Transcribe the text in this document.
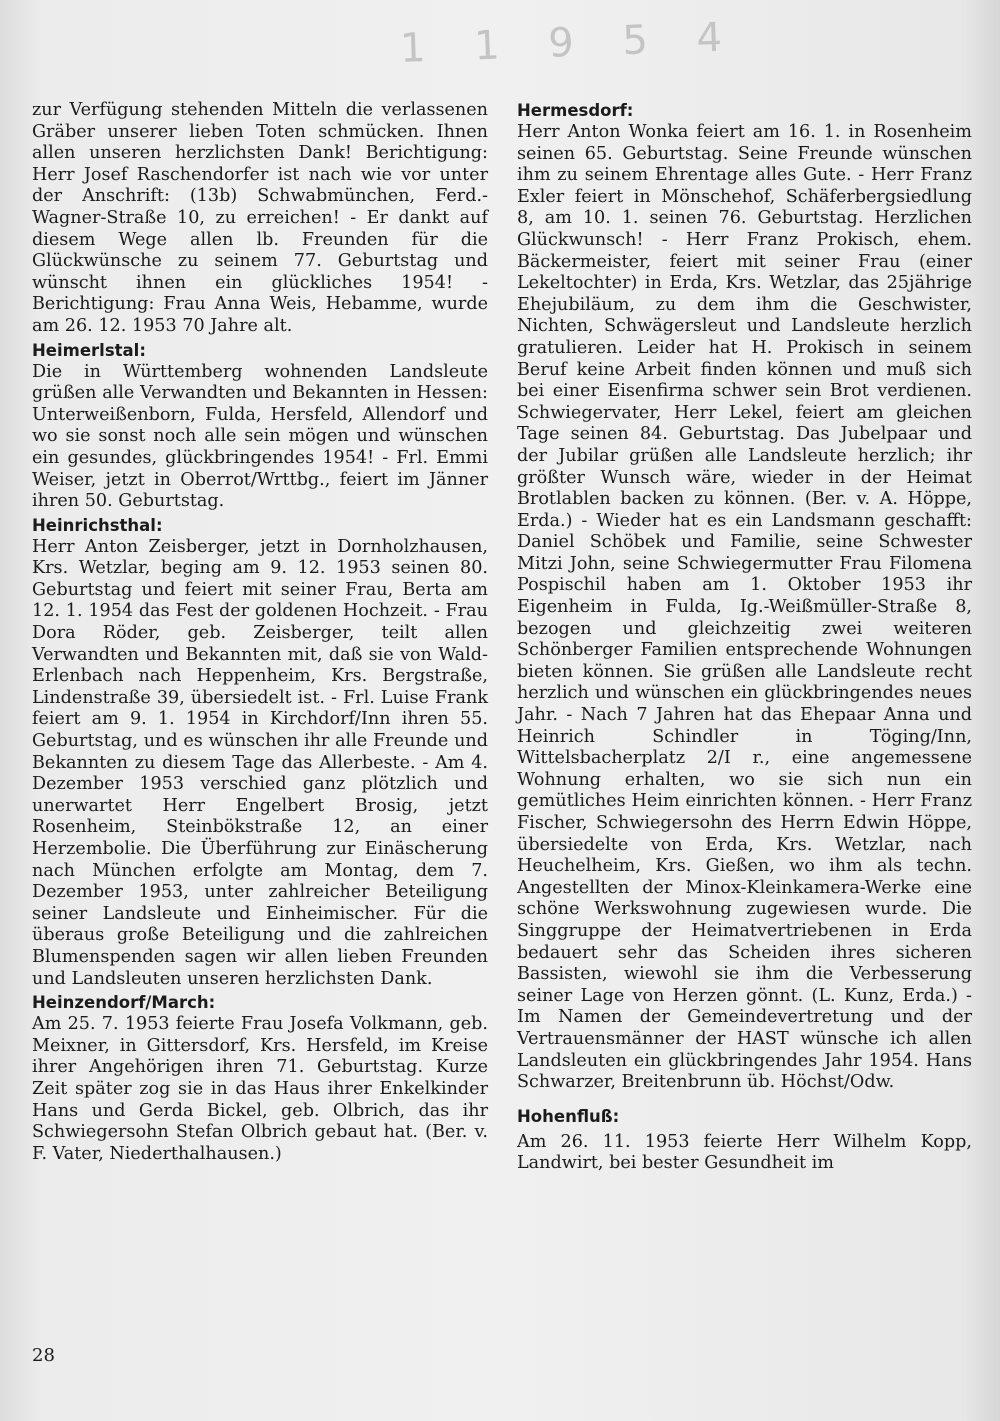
1 1 9 5 4

zur Verfügung stehenden Mitteln die verlassenen Gräber unserer lieben Toten schmücken. Ihnen allen unseren herzlichsten Dank! Berichtigung: Herr Josef Raschendorfer ist nach wie vor unter der Anschrift: (13b) Schwabmünchen, Ferd.-Wagner-Straße 10, zu erreichen! - Er dankt auf diesem Wege allen lb. Freunden für die Glückwünsche zu seinem 77. Geburtstag und wünscht ihnen ein glückliches 1954! - Berichtigung: Frau Anna Weis, Hebamme, wurde am 26. 12. 1953 70 Jahre alt.

Heimerlstal:

Die in Württemberg wohnenden Landsleute grüßen alle Verwandten und Bekannten in Hessen: Unterweißenborn, Fulda, Hersfeld, Allendorf und wo sie sonst noch alle sein mögen und wünschen ein gesundes, glückbringendes 1954! - Frl. Emmi Weiser, jetzt in Oberrot/Wrttbg., feiert im Jänner ihren 50. Geburtstag.

Heinrichsthal:

Herr Anton Zeisberger, jetzt in Dornholzhausen, Krs. Wetzlar, beging am 9. 12. 1953 seinen 80. Geburtstag und feiert mit seiner Frau, Berta am 12. 1. 1954 das Fest der goldenen Hochzeit. - Frau Dora Röder, geb. Zeisberger, teilt allen Verwandten und Bekannten mit, daß sie von Wald-Erlenbach nach Heppenheim, Krs. Bergstraße, Lindenstraße 39, übersiedelt ist. - Frl. Luise Frank feiert am 9. 1. 1954 in Kirchdorf/Inn ihren 55. Geburtstag, und es wünschen ihr alle Freunde und Bekannten zu diesem Tage das Allerbeste. - Am 4. Dezember 1953 verschied ganz plötzlich und unerwartet Herr Engelbert Brosig, jetzt Rosenheim, Steinbökstraße 12, an einer Herzembolie. Die Überführung zur Einäscherung nach München erfolgte am Montag, dem 7. Dezember 1953, unter zahlreicher Beteiligung seiner Landsleute und Einheimischer. Für die überaus große Beteiligung und die zahlreichen Blumenspenden sagen wir allen lieben Freunden und Landsleuten unseren herzlichsten Dank.

Heinzendorf/March:

Am 25. 7. 1953 feierte Frau Josefa Volkmann, geb. Meixner, in Gittersdorf, Krs. Hersfeld, im Kreise ihrer Angehörigen ihren 71. Geburtstag. Kurze Zeit später zog sie in das Haus ihrer Enkelkinder Hans und Gerda Bickel, geb. Olbrich, das ihr Schwiegersohn Stefan Olbrich gebaut hat. (Ber. v. F. Vater, Niederthalhausen.)

Hermesdorf:

Herr Anton Wonka feiert am 16. 1. in Rosenheim seinen 65. Geburtstag. Seine Freunde wünschen ihm zu seinem Ehrentage alles Gute. - Herr Franz Exler feiert in Mönschehof, Schäferbergsiedlung 8, am 10. 1. seinen 76. Geburtstag. Herzlichen Glückwunsch! - Herr Franz Prokisch, ehem. Bäckermeister, feiert mit seiner Frau (einer Lekeltochter) in Erda, Krs. Wetzlar, das 25jährige Ehejubiläum, zu dem ihm die Geschwister, Nichten, Schwägersleut und Landsleute herzlich gratulieren. Leider hat H. Prokisch in seinem Beruf keine Arbeit finden können und muß sich bei einer Eisenfirma schwer sein Brot verdienen. Schwiegervater, Herr Lekel, feiert am gleichen Tage seinen 84. Geburtstag. Das Jubelpaar und der Jubilar grüßen alle Landsleute herzlich; ihr größter Wunsch wäre, wieder in der Heimat Brotlablen backen zu können. (Ber. v. A. Höppe, Erda.) - Wieder hat es ein Landsmann geschafft: Daniel Schöbek und Familie, seine Schwester Mitzi John, seine Schwiegermutter Frau Filomena Pospischil haben am 1. Oktober 1953 ihr Eigenheim in Fulda, Ig.-Weißmüller-Straße 8, bezogen und gleichzeitig zwei weiteren Schönberger Familien entsprechende Wohnungen bieten können. Sie grüßen alle Landsleute recht herzlich und wünschen ein glückbringendes neues Jahr. - Nach 7 Jahren hat das Ehepaar Anna und Heinrich Schindler in Töging/Inn, Wittelsbacherplatz 2/I r., eine angemessene Wohnung erhalten, wo sie sich nun ein gemütliches Heim einrichten können. - Herr Franz Fischer, Schwiegersohn des Herrn Edwin Höppe, übersiedelte von Erda, Krs. Wetzlar, nach Heuchelheim, Krs. Gießen, wo ihm als techn. Angestellten der Minox-Kleinkamera-Werke eine schöne Werkswohnung zugewiesen wurde. Die Singgruppe der Heimatvertriebenen in Erda bedauert sehr das Scheiden ihres sicheren Bassisten, wiewohl sie ihm die Verbesserung seiner Lage von Herzen gönnt. (L. Kunz, Erda.) - Im Namen der Gemeindevertretung und der Vertrauensmänner der HAST wünsche ich allen Landsleuten ein glückbringendes Jahr 1954. Hans Schwarzer, Breitenbrunn üb. Höchst/Odw.

Hohenfluß:

Am 26. 11. 1953 feierte Herr Wilhelm Kopp, Landwirt, bei bester Gesundheit im

28
